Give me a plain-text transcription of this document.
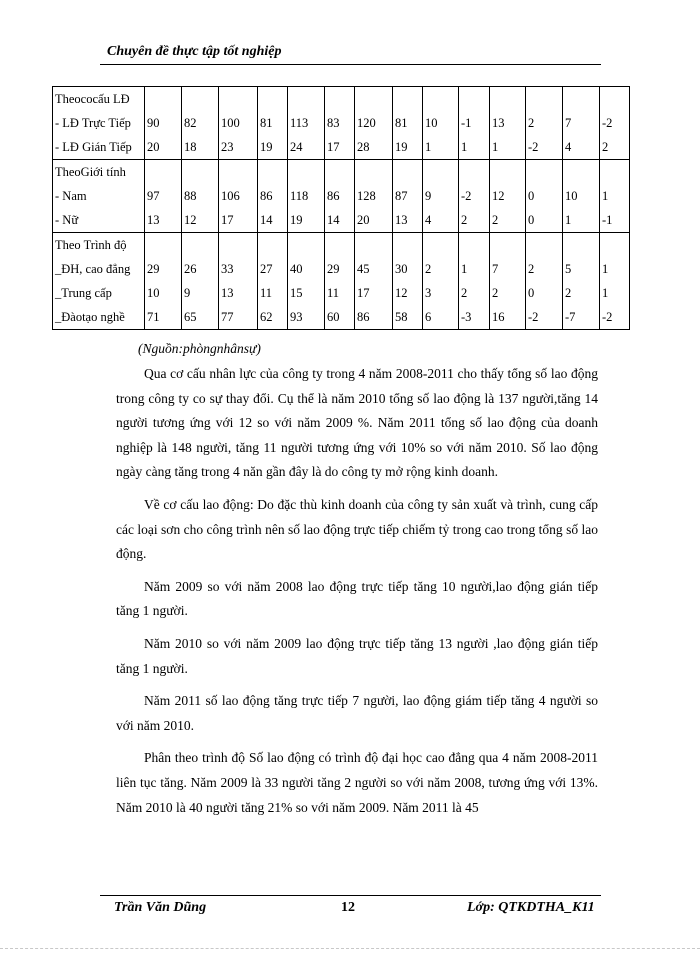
Chuyên đề thực tập tốt nghiệp
Theococấu LĐ														
- LĐ Trực Tiếp	90	82	100	81	113	83	120	81	10	-1	13	2	7	-2
- LĐ Gián Tiếp	20	18	23	19	24	17	28	19	1	1	1	-2	4	2
TheoGiới tính														
- Nam	97	88	106	86	118	86	128	87	9	-2	12	0	10	1
- Nữ	13	12	17	14	19	14	20	13	4	2	2	0	1	-1
Theo Trình độ														
_ĐH, cao đẳng	29	26	33	27	40	29	45	30	2	1	7	2	5	1
_Trung cấp	10	9	13	11	15	11	17	12	3	2	2	0	2	1
_Đàotạo nghề	71	65	77	62	93	60	86	58	6	-3	16	-2	-7	-2
(Nguồn:phòngnhânsự)

Qua cơ cấu nhân lực của công ty trong 4 năm 2008-2011 cho thấy tổng số lao động trong công ty co sự thay đổi. Cụ thể là năm 2010 tổng số lao động là 137 người,tăng 14 người tương ứng với 12 so với năm 2009 %. Năm 2011 tổng số lao động của doanh nghiệp là 148 người, tăng 11 người tương ứng với 10% so với năm 2010. Số lao động ngày càng tăng trong 4 năn gần đây là do công ty mở rộng kinh doanh.

Về cơ cấu lao động: Do đặc thù kinh doanh của công ty sản xuất và trình, cung cấp các loại sơn cho công trình nên số lao động trực tiếp chiếm tỷ trong cao trong tổng số lao động.

Năm 2009 so với năm 2008 lao động trực tiếp tăng 10 người,lao động gián tiếp tăng 1 người.

Năm 2010 so với năm 2009 lao động trực tiếp tăng 13 người ,lao động gián tiếp tăng 1 người.

Năm 2011 số lao động tăng trực tiếp 7 người, lao động giám tiếp tăng 4 người so với năm 2010.

Phân theo trình độ Số lao động có trình độ đại học cao đẳng qua 4 năm 2008-2011 liên tục tăng. Năm 2009 là 33 người tăng 2 người so với năm 2008, tương ứng với 13%. Năm 2010 là 40 người tăng 21% so với năm 2009. Năm 2011 là 45

Trần Văn Dũng	12	Lớp: QTKDTHA_K11
